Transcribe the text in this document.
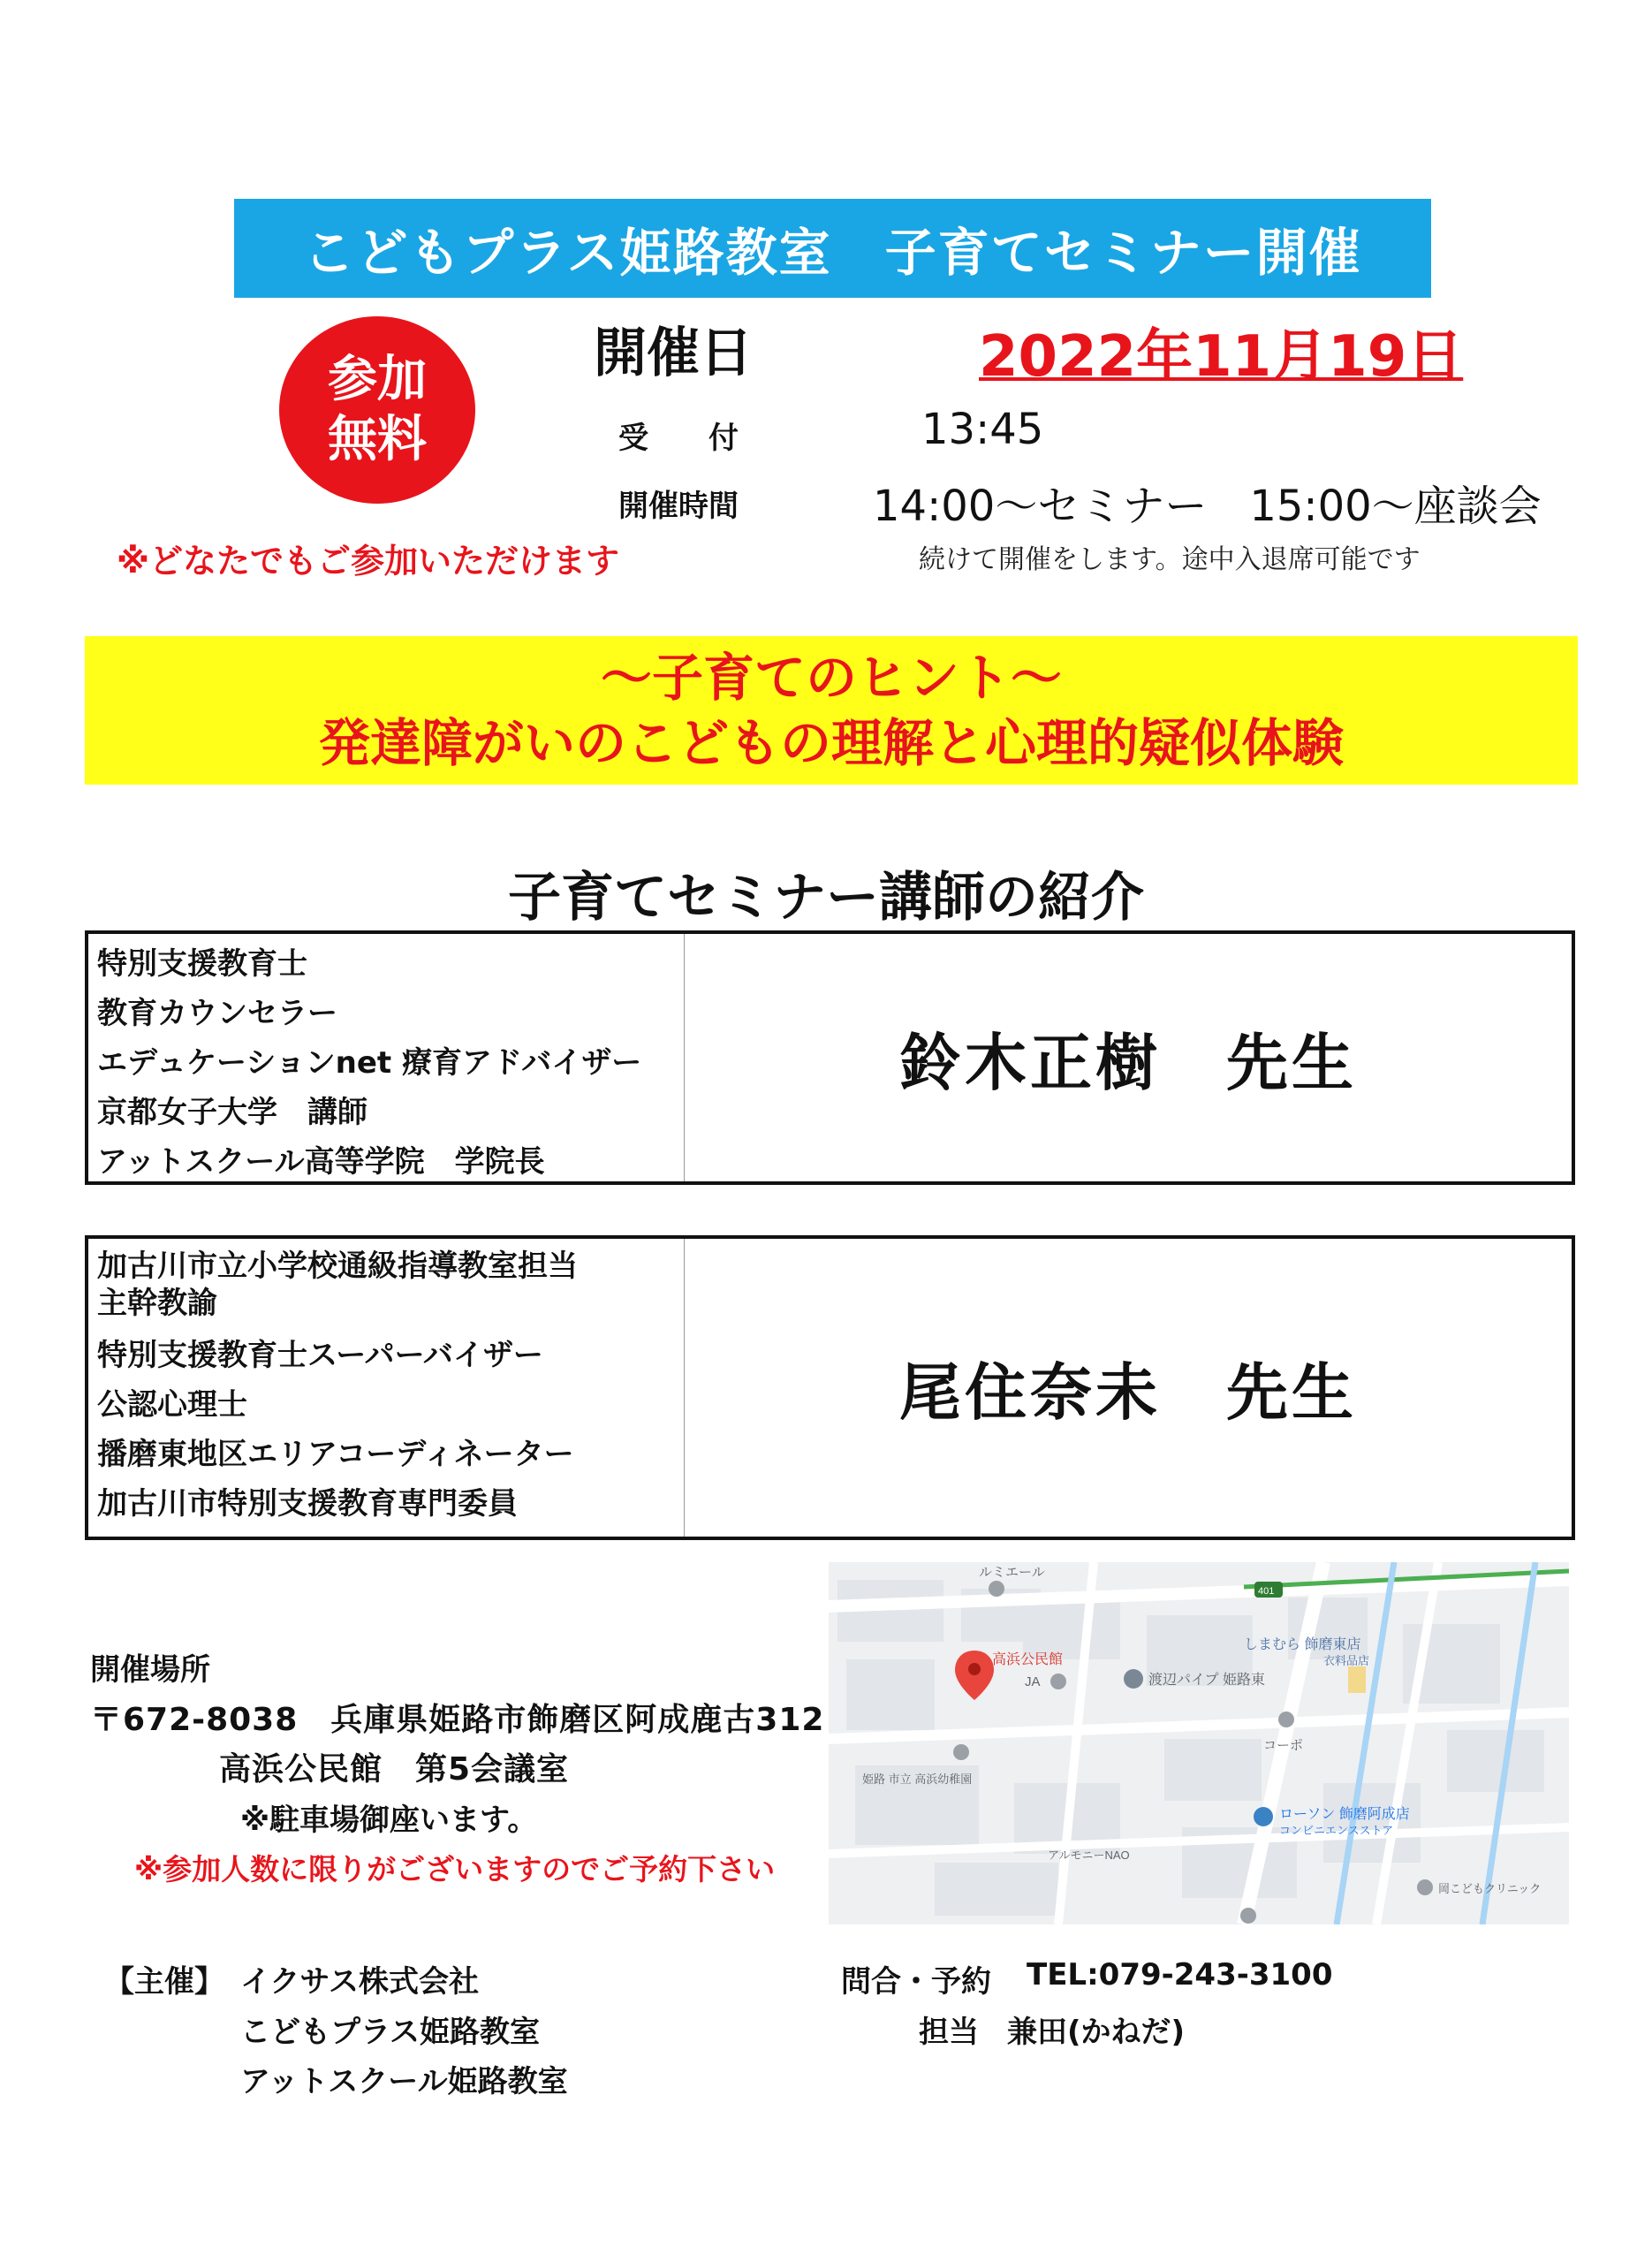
こどもプラス姫路教室　子育てセミナー開催
参加
無料
※どなたでもご参加いただけます
開催日	2022年11月19日
受　　付	13:45
開催時間	14:00〜セミナー　15:00〜座談会
続けて開催をします。途中入退席可能です
〜子育てのヒント〜
発達障がいのこどもの理解と心理的疑似体験
子育てセミナー講師の紹介
特別支援教育士
教育カウンセラー
エデュケーションnet 療育アドバイザー
京都女子大学　講師
アットスクール高等学院　学院長
鈴木正樹　先生
加古川市立小学校通級指導教室担当
主幹教諭
特別支援教育士スーパーバイザー
公認心理士
播磨東地区エリアコーディネーター
加古川市特別支援教育専門委員
尾住奈未　先生
開催場所
〒672-8038　兵庫県姫路市飾磨区阿成鹿古312
高浜公民館　第5会議室
※駐車場御座います。
※参加人数に限りがございますのでご予約下さい
ルミエール
401
高浜公民館
JA	渡辺パイプ 姫路東
しまむら 飾磨東店
衣料品店
コーポ
姫路 市立 高浜幼稚園
ローソン 飾磨阿成店
コンビニエンスストア
アルモニーNAO
岡こどもクリニック
【主催】 イクサス株式会社
こどもプラス姫路教室
アットスクール姫路教室
問合・予約 TEL:079-243-3100
担当 兼田(かねだ)
